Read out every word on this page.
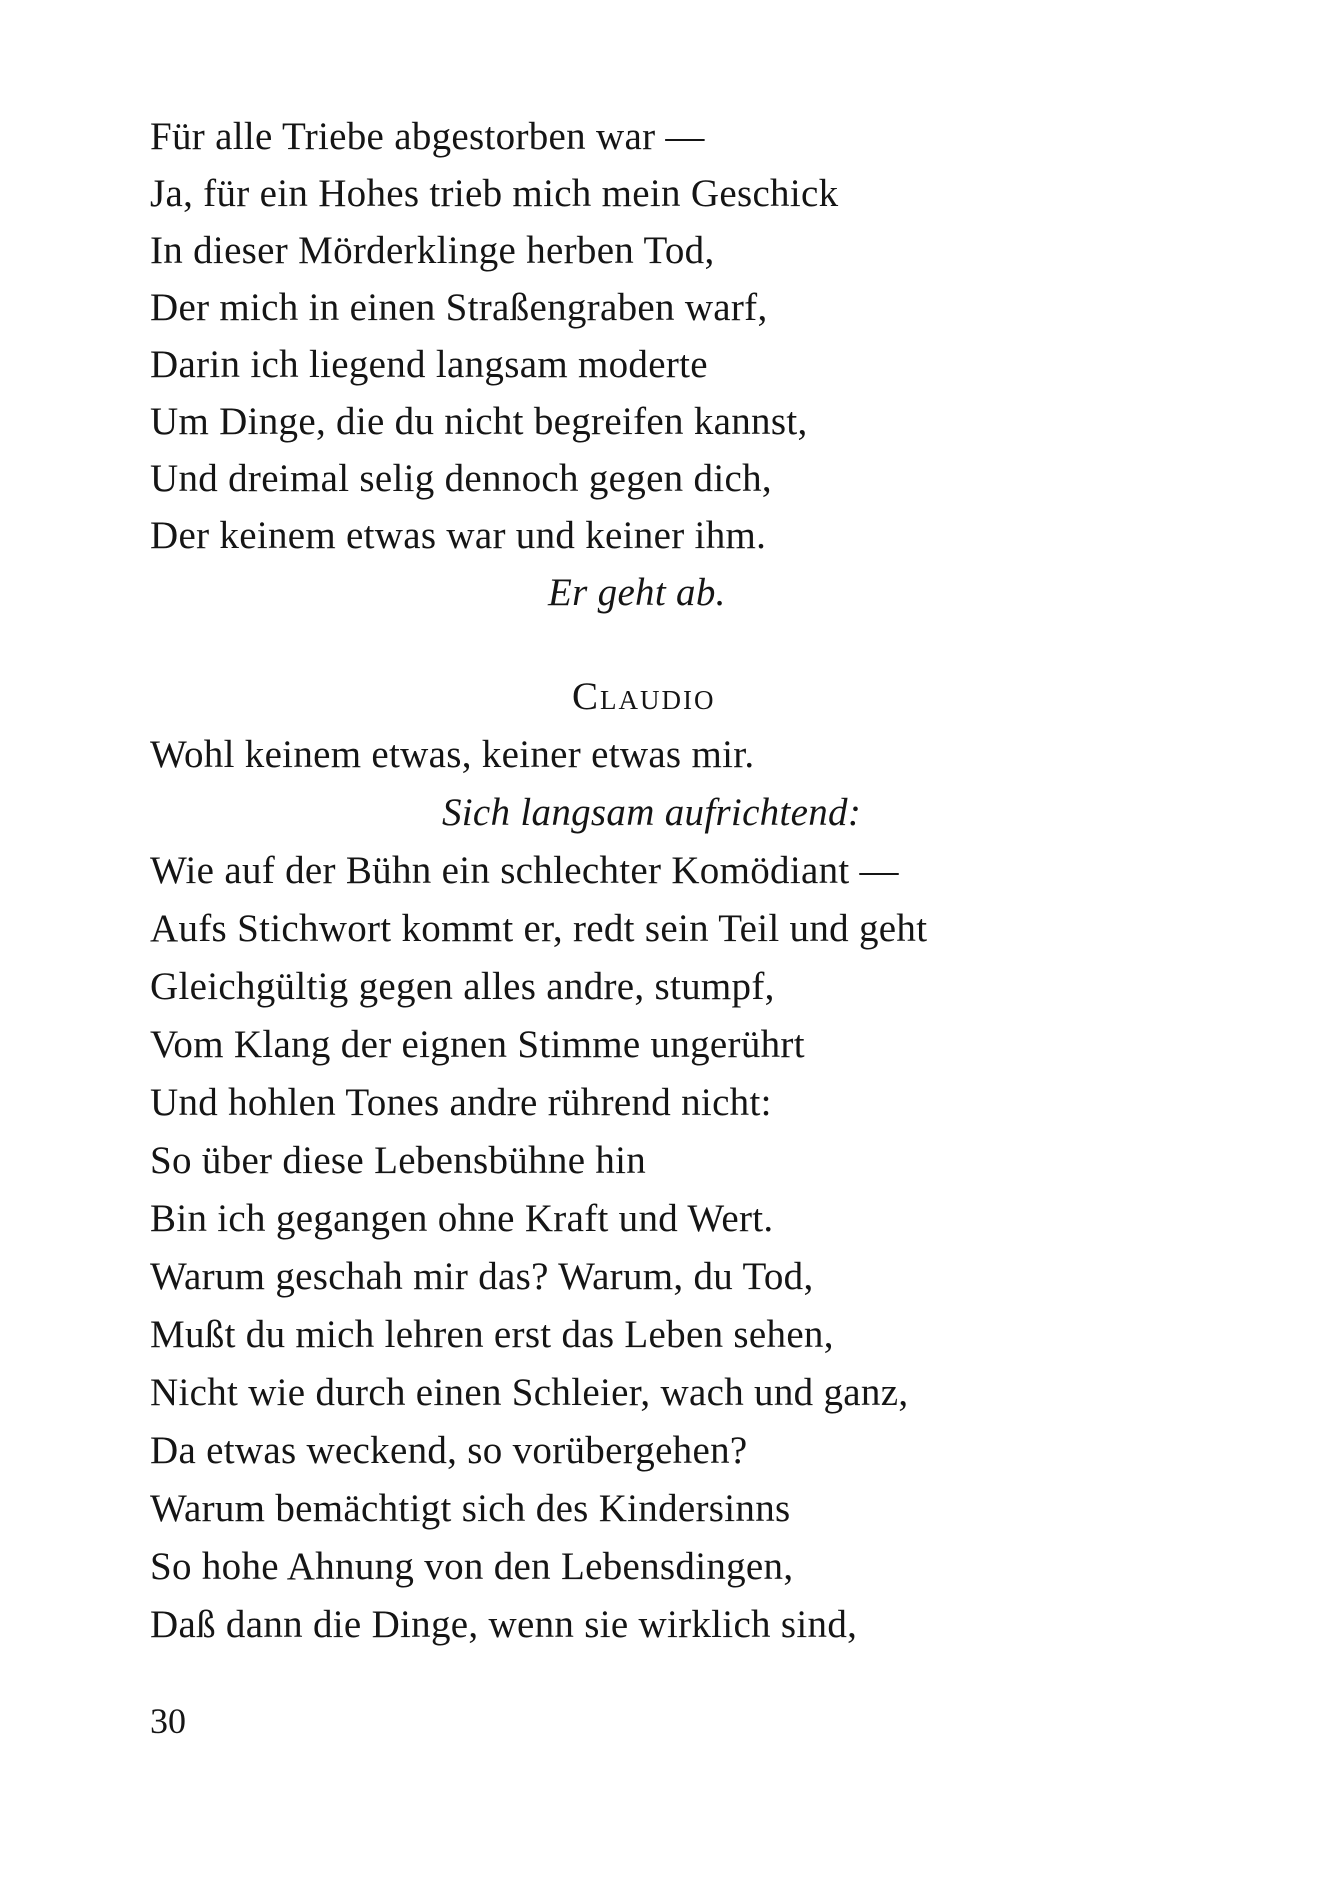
Für alle Triebe abgestorben war —
Ja, für ein Hohes trieb mich mein Geschick
In dieser Mörderklinge herben Tod,
Der mich in einen Straßengraben warf,
Darin ich liegend langsam moderte
Um Dinge, die du nicht begreifen kannst,
Und dreimal selig dennoch gegen dich,
Der keinem etwas war und keiner ihm.
Er geht ab.
Claudio
Wohl keinem etwas, keiner etwas mir.
Sich langsam aufrichtend:
Wie auf der Bühn ein schlechter Komödiant —
Aufs Stichwort kommt er, redt sein Teil und geht
Gleichgültig gegen alles andre, stumpf,
Vom Klang der eignen Stimme ungerührt
Und hohlen Tones andre rührend nicht:
So über diese Lebensbühne hin
Bin ich gegangen ohne Kraft und Wert.
Warum geschah mir das? Warum, du Tod,
Mußt du mich lehren erst das Leben sehen,
Nicht wie durch einen Schleier, wach und ganz,
Da etwas weckend, so vorübergehen?
Warum bemächtigt sich des Kindersinns
So hohe Ahnung von den Lebensdingen,
Daß dann die Dinge, wenn sie wirklich sind,
30
